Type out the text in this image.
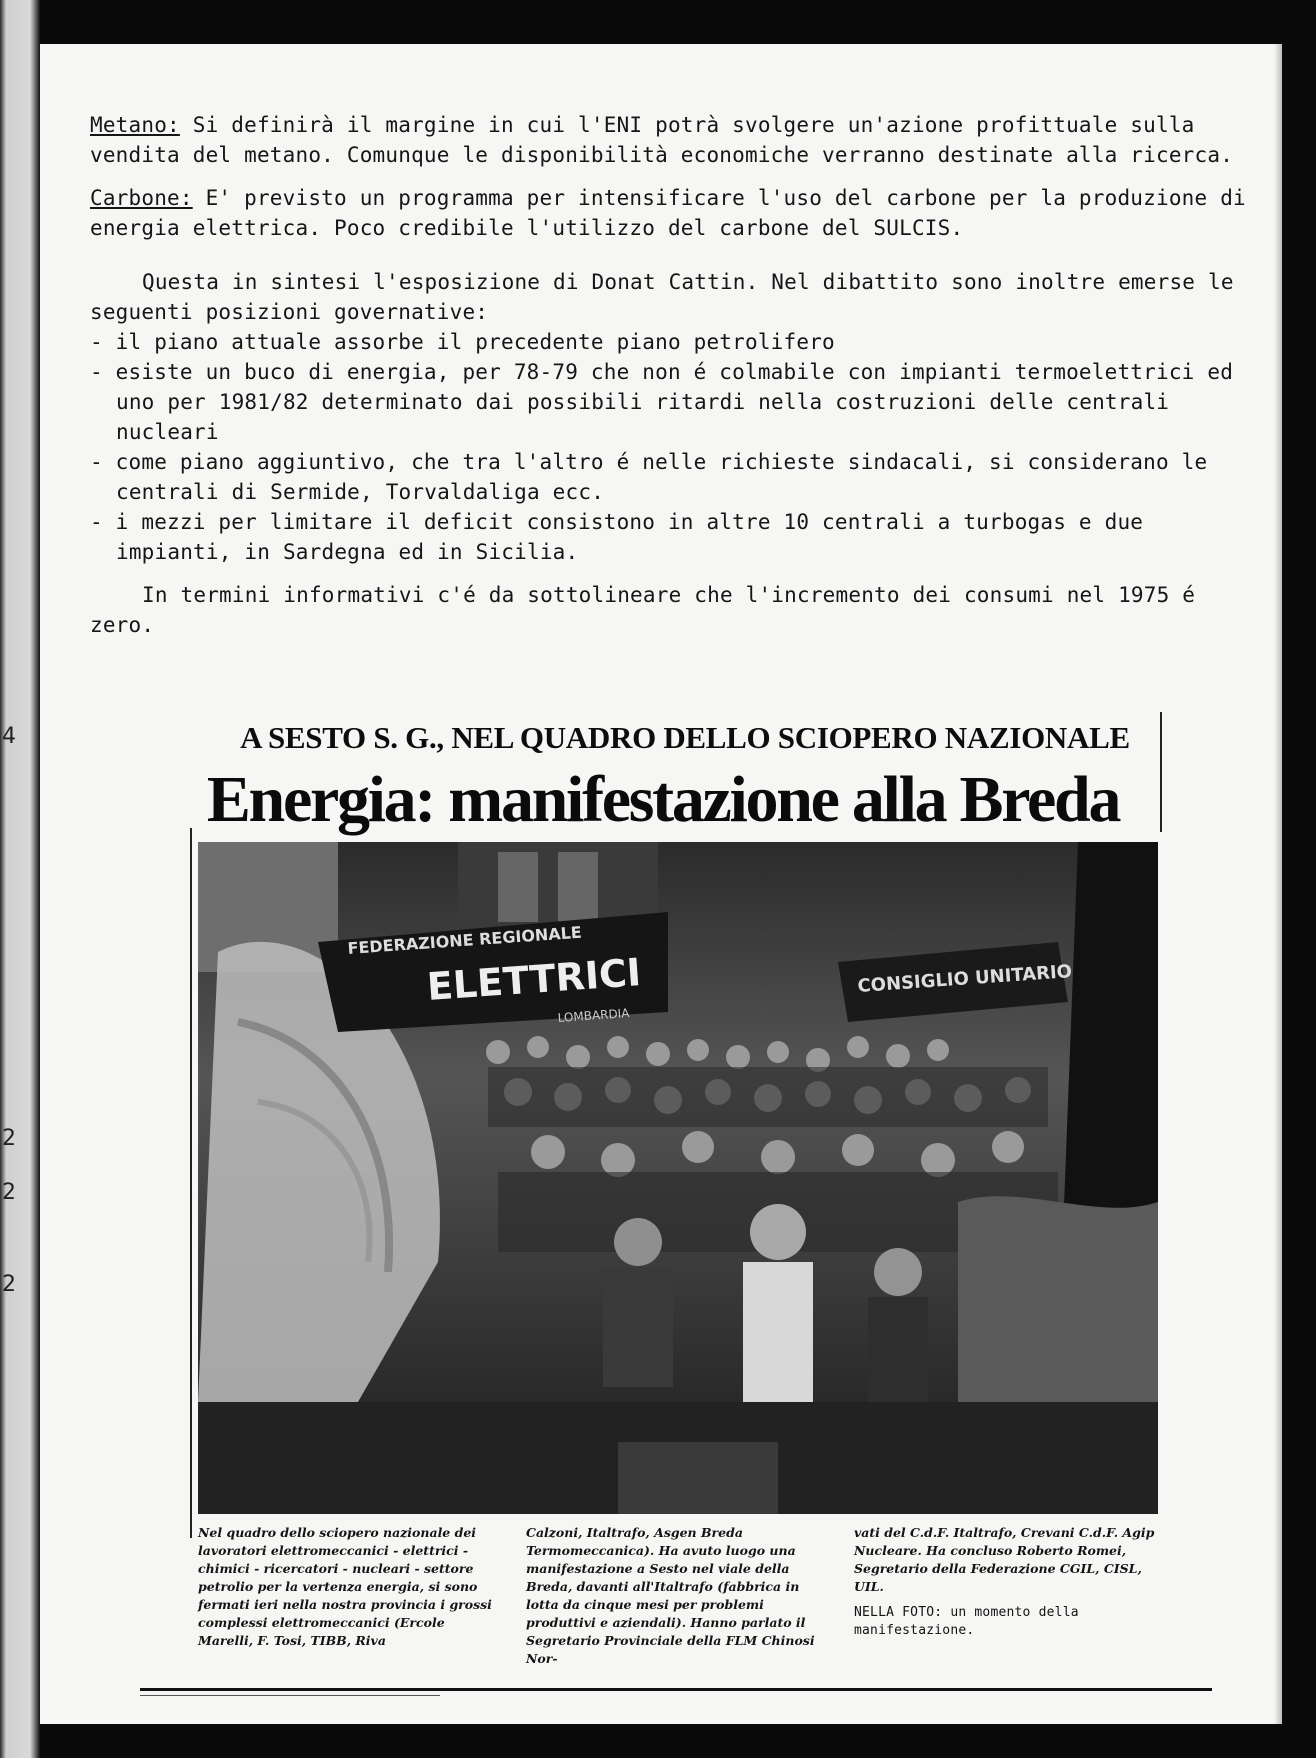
4
2
2
2

Metano: Si definirà il margine in cui l'ENI potrà svolgere un'azione profittuale sulla vendita del metano. Comunque le disponibilità economiche verranno destinate alla ricerca.

Carbone: E' previsto un programma per intensificare l'uso del carbone per la produzione di energia elettrica. Poco credibile l'utilizzo del carbone del SULCIS.

Questa in sintesi l'esposizione di Donat Cattin. Nel dibattito sono inoltre emerse le seguenti posizioni governative:

- il piano attuale assorbe il precedente piano petrolifero
- esiste un buco di energia, per 78-79 che non é colmabile con impianti termoelettrici ed uno per 1981/82 determinato dai possibili ritardi nella costruzioni delle centrali nucleari
- come piano aggiuntivo, che tra l'altro é nelle richieste sindacali, si considerano le centrali di Sermide, Torvaldaliga ecc.
- i mezzi per limitare il deficit consistono in altre 10 centrali a turbogas e due impianti, in Sardegna ed in Sicilia.

In termini informativi c'é da sottolineare che l'incremento dei consumi nel 1975 é zero.

A SESTO S. G., NEL QUADRO DELLO SCIOPERO NAZIONALE
Energia: manifestazione alla Breda
FEDERAZIONE REGIONALE
ELETTRICI
LOMBARDIA
CONSIGLIO UNITARIO
Nel quadro dello sciopero nazionale dei lavoratori elettromeccanici - elettrici - chimici - ricercatori - nucleari - settore petrolio per la vertenza energia, si sono fermati ieri nella nostra provincia i grossi complessi elettromeccanici (Ercole Marelli, F. Tosi, TIBB, Riva
Calzoni, Italtrafo, Asgen Breda Termomeccanica). Ha avuto luogo una manifestazione a Sesto nel viale della Breda, davanti all'Italtrafo (fabbrica in lotta da cinque mesi per problemi produttivi e aziendali). Hanno parlato il Segretario Provinciale della FLM Chinosi Nor-
vati del C.d.F. Italtrafo, Crevani C.d.F. Agip Nucleare. Ha concluso Roberto Romei, Segretario della Federazione CGIL, CISL, UIL.
NELLA FOTO: un momento della manifestazione.
